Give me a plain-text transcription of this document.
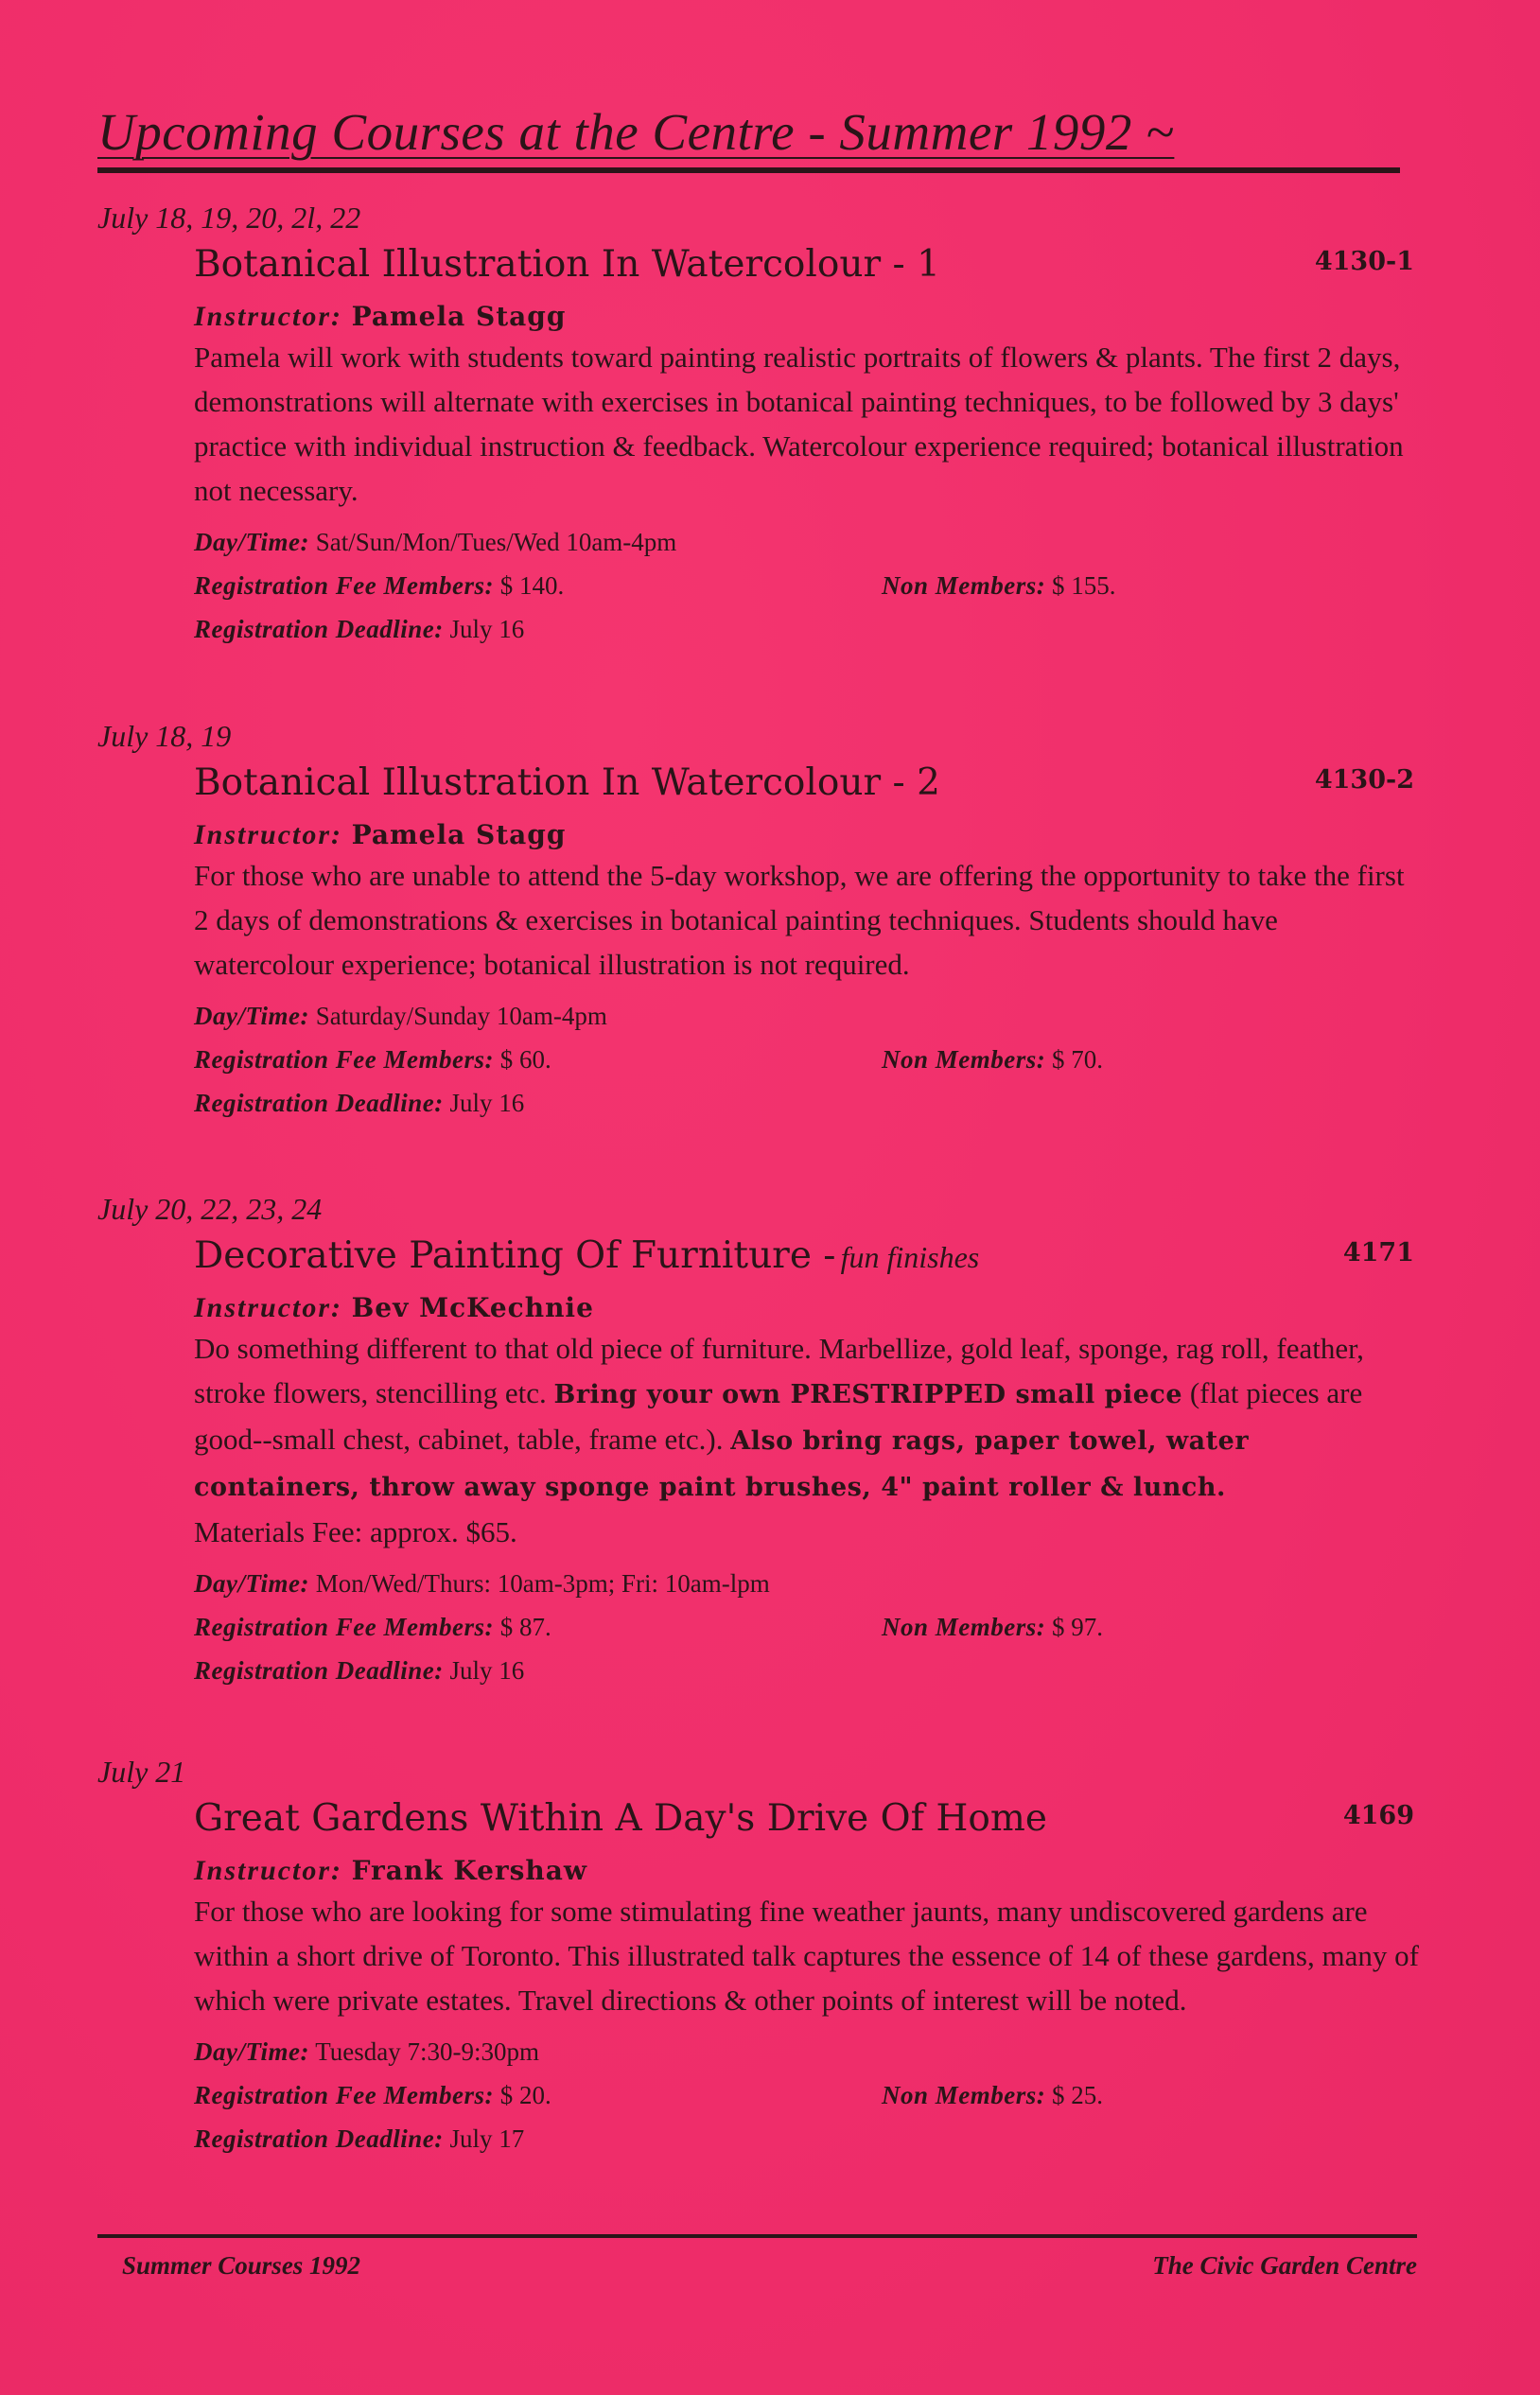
Upcoming Courses at the Centre - Summer 1992 ~
July 18, 19, 20, 2l, 22
Botanical Illustration In Watercolour - 1	4130-1
Instructor: Pamela Stagg

Pamela will work with students toward painting realistic portraits of flowers & plants. The first 2 days, demonstrations will alternate with exercises in botanical painting techniques, to be followed by 3 days' practice with individual instruction & feedback. Watercolour experience required; botanical illustration not necessary.

Day/Time: Sat/Sun/Mon/Tues/Wed 10am-4pm
Registration Fee Members: $ 140.	Non Members: $ 155.
Registration Deadline: July 16
July 18, 19
Botanical Illustration In Watercolour - 2	4130-2
Instructor: Pamela Stagg

For those who are unable to attend the 5-day workshop, we are offering the opportunity to take the first 2 days of demonstrations & exercises in botanical painting techniques. Students should have watercolour experience; botanical illustration is not required.

Day/Time: Saturday/Sunday 10am-4pm
Registration Fee Members: $ 60.	Non Members: $ 70.
Registration Deadline: July 16
July 20, 22, 23, 24
Decorative Painting Of Furniture - fun finishes	4171
Instructor: Bev McKechnie

Do something different to that old piece of furniture. Marbellize, gold leaf, sponge, rag roll, feather, stroke flowers, stencilling etc. Bring your own PRESTRIPPED small piece (flat pieces are good--small chest, cabinet, table, frame etc.). Also bring rags, paper towel, water containers, throw away sponge paint brushes, 4" paint roller & lunch.
Materials Fee: approx. $65.

Day/Time: Mon/Wed/Thurs: 10am-3pm; Fri: 10am-lpm
Registration Fee Members: $ 87.	Non Members: $ 97.
Registration Deadline: July 16
July 21
Great Gardens Within A Day's Drive Of Home	4169
Instructor: Frank Kershaw

For those who are looking for some stimulating fine weather jaunts, many undiscovered gardens are within a short drive of Toronto. This illustrated talk captures the essence of 14 of these gardens, many of which were private estates. Travel directions & other points of interest will be noted.

Day/Time: Tuesday 7:30-9:30pm
Registration Fee Members: $ 20.	Non Members: $ 25.
Registration Deadline: July 17
Summer Courses 1992	The Civic Garden Centre
